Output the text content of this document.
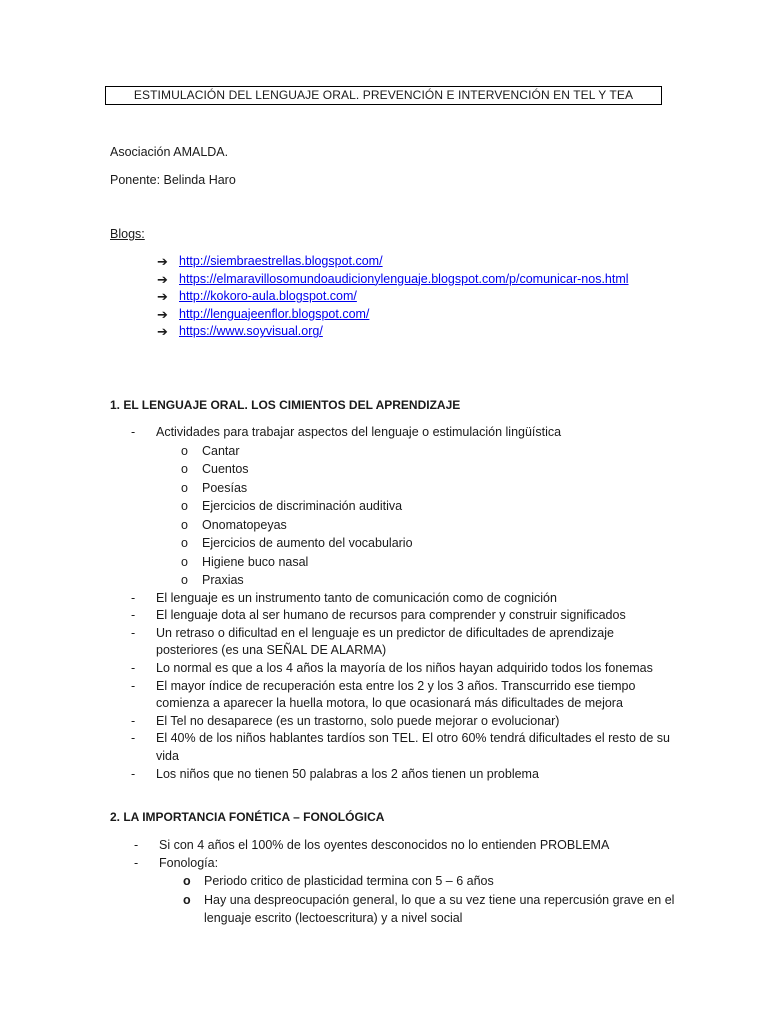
ESTIMULACIÓN DEL LENGUAJE ORAL. PREVENCIÓN E INTERVENCIÓN EN TEL Y TEA
Asociación AMALDA.
Ponente: Belinda Haro
Blogs:
➔ http://siembraestrellas.blogspot.com/
➔ https://elmaravillosomundoaudicionylenguaje.blogspot.com/p/comunicar-nos.html
➔ http://kokoro-aula.blogspot.com/
➔ http://lenguajeenflor.blogspot.com/
➔ https://www.soyvisual.org/
1. EL LENGUAJE ORAL. LOS CIMIENTOS DEL APRENDIZAJE
- Actividades para trabajar aspectos del lenguaje o estimulación lingüística
o Cantar
o Cuentos
o Poesías
o Ejercicios de discriminación auditiva
o Onomatopeyas
o Ejercicios de aumento del vocabulario
o Higiene buco nasal
o Praxias
- El lenguaje es un instrumento tanto de comunicación como de cognición
- El lenguaje dota al ser humano de recursos para comprender y construir significados
- Un retraso o dificultad en el lenguaje es un predictor de dificultades de aprendizaje posteriores (es una SEÑAL DE ALARMA)
- Lo normal es que a los 4 años la mayoría de los niños hayan adquirido todos los fonemas
- El mayor índice de recuperación esta entre los 2 y los 3 años. Transcurrido ese tiempo comienza a aparecer la huella motora, lo que ocasionará más dificultades de mejora
- El Tel no desaparece (es un trastorno, solo puede mejorar o evolucionar)
- El 40% de los niños hablantes tardíos son TEL. El otro 60% tendrá dificultades el resto de su vida
- Los niños que no tienen 50 palabras a los 2 años tienen un problema
2. LA IMPORTANCIA FONÉTICA – FONOLÓGICA
- Si con 4 años el 100% de los oyentes desconocidos no lo entienden PROBLEMA
- Fonología:
o Periodo critico de plasticidad termina con 5 – 6 años
o Hay una despreocupación general, lo que a su vez tiene una repercusión grave en el lenguaje escrito (lectoescritura) y a nivel social
